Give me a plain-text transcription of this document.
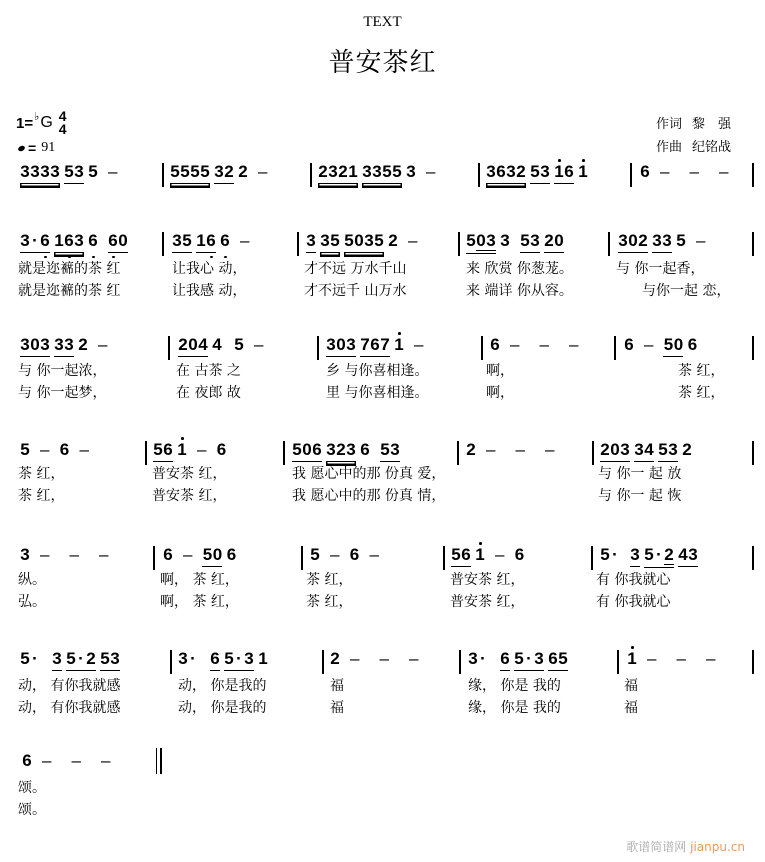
TEXT
普安茶红
1= ♭ G 4
4
= 91
作词 黎　强
作曲 纪铭战
3 3 3 3 5 3 5 –	5 5 5 5 3 2 2 –	2 3 2 1 3 3 5 5 3 –	3 6 3 2 5 3 1 6 1	6 – – –
3 · 6 1 6 3 6 6 0
就是迩褯的茶 红
就是迩褯的茶 红
3 5 1 6 6 –
让我心 动，
让我感 动，
3 3 5 5 0 3 5 2 –
才不远 万水千山
才不远千 山万水
5 0 3 3 5 3 2 0
来 欣赏 你葱茏。
来 端详 你从容。
3 0 2 3 3 5 –
与 你一起香，
与你一起 恋，
3 0 3 3 3 2 –
与 你一起浓，
与 你一起梦，
2 0 4 4 5 –
在 古茶 之
在 夜郎 故
3 0 3 7 6 7 1 –
乡 与你喜相逢。
里 与你喜相逢。
6 – – –
啊，
啊，
6 – 5 0 6
茶 红，
茶 红，
5 – 6 –
茶 红，
茶 红，
5 6 1 – 6
普安茶 红，
普安茶 红，
5 0 6 3 2 3 6 5 3
我 愿心中的那 份真 爱，
我 愿心中的那 份真 情，
2 – – –	2 0 3 3 4 5 3 2
与 你一 起 放
与 你一 起 恢
3 – – –
纵。
弘。
6 – 5 0 6
啊， 茶 红，
啊， 茶 红，
5 – 6 –
茶 红，
茶 红，
5 6 1 – 6
普安茶 红，
普安茶 红，
5 · 3 5 · 2 4 3
有 你我就心
有 你我就心
5 · 3 5 · 2 5 3
动， 有你我就感
动， 有你我就感
3 · 6 5 · 3 1
动， 你是我的
动， 你是我的
2 – – –
福
福
3 · 6 5 · 3 6 5
缘， 你是 我的
缘， 你是 我的
1 – – –
福
福
6 – – –
颂。
颂。
歌谱简谱网 jianpu.cn
